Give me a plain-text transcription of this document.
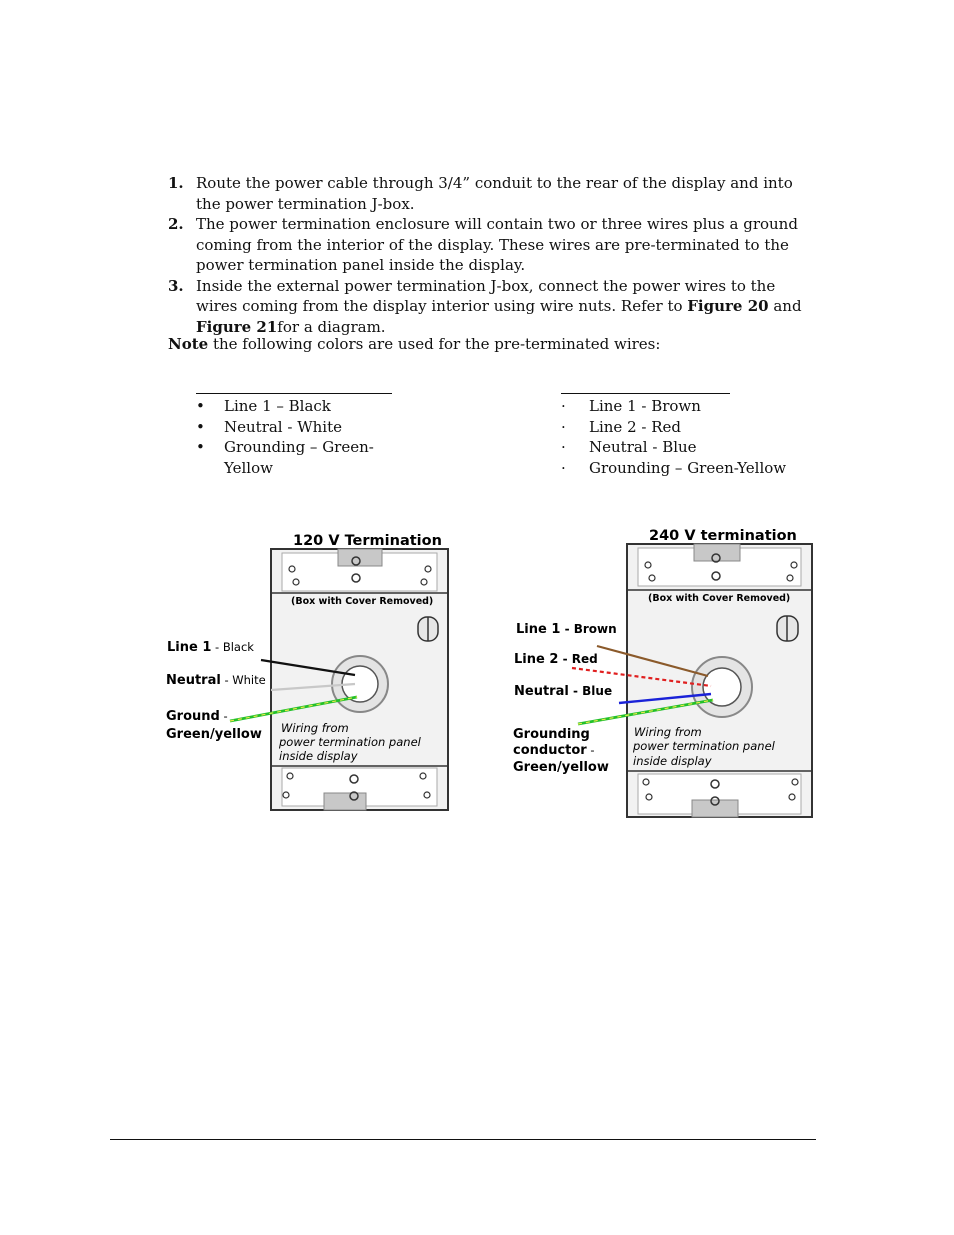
1. Route the power cable through 3/4” conduit to the rear of the display and into the power termination J-box.
2. The power termination enclosure will contain two or three wires plus a ground coming from the interior of the display. These wires are pre-terminated to the power termination panel inside the display.
3. Inside the external power termination J-box, connect the power wires to the wires coming from the display interior using wire nuts. Refer to Figure 20 and Figure 21for a diagram.
Note the following colors are used for the pre-terminated wires:
• Line 1 – Black
• Neutral - White
• Grounding – Green-Yellow
· Line 1 - Brown
· Line 2 - Red
· Neutral - Blue
· Grounding – Green-Yellow
120 V Termination
(Box with Cover Removed)
Line 1 - Black
Neutral - White
Ground -
Green/yellow Wiring from
power termination panel
inside display
240 V termination
(Box with Cover Removed)
Line 1 - Brown
Line 2 - Red
Neutral - Blue
Grounding
conductor -
Green/yellow
Wiring from
power termination panel
inside display
